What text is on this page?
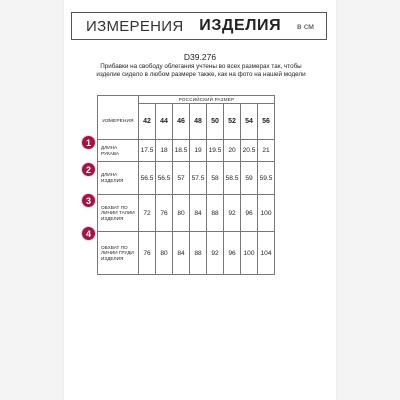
ИЗМЕРЕНИЯ ИЗДЕЛИЯ в см
D39.276
Прибавки на свободу облегания учтены во всех размерах так, чтобы изделие сидело в любом размере также, как на фото на нашей модели
1
2
3
4
ИЗМЕРЕНИЯ	РОССИЙСКИЙ РАЗМЕР							
	42	44	46	48	50	52	54	56
ДЛИНА РУКАВА	17.5	18	18.5	19	19.5	20	20.5	21
ДЛИНА ИЗДЕЛИЯ	56.5	56.5	57	57.5	58	58.5	59	59.5
ОБХВАТ ПО ЛИНИИ ТАЛИИ ИЗДЕЛИЯ	72	76	80	84	88	92	96	100
ОБХВАТ ПО ЛИНИИ ГРУДИ ИЗДЕЛИЯ	76	80	84	88	92	96	100	104
